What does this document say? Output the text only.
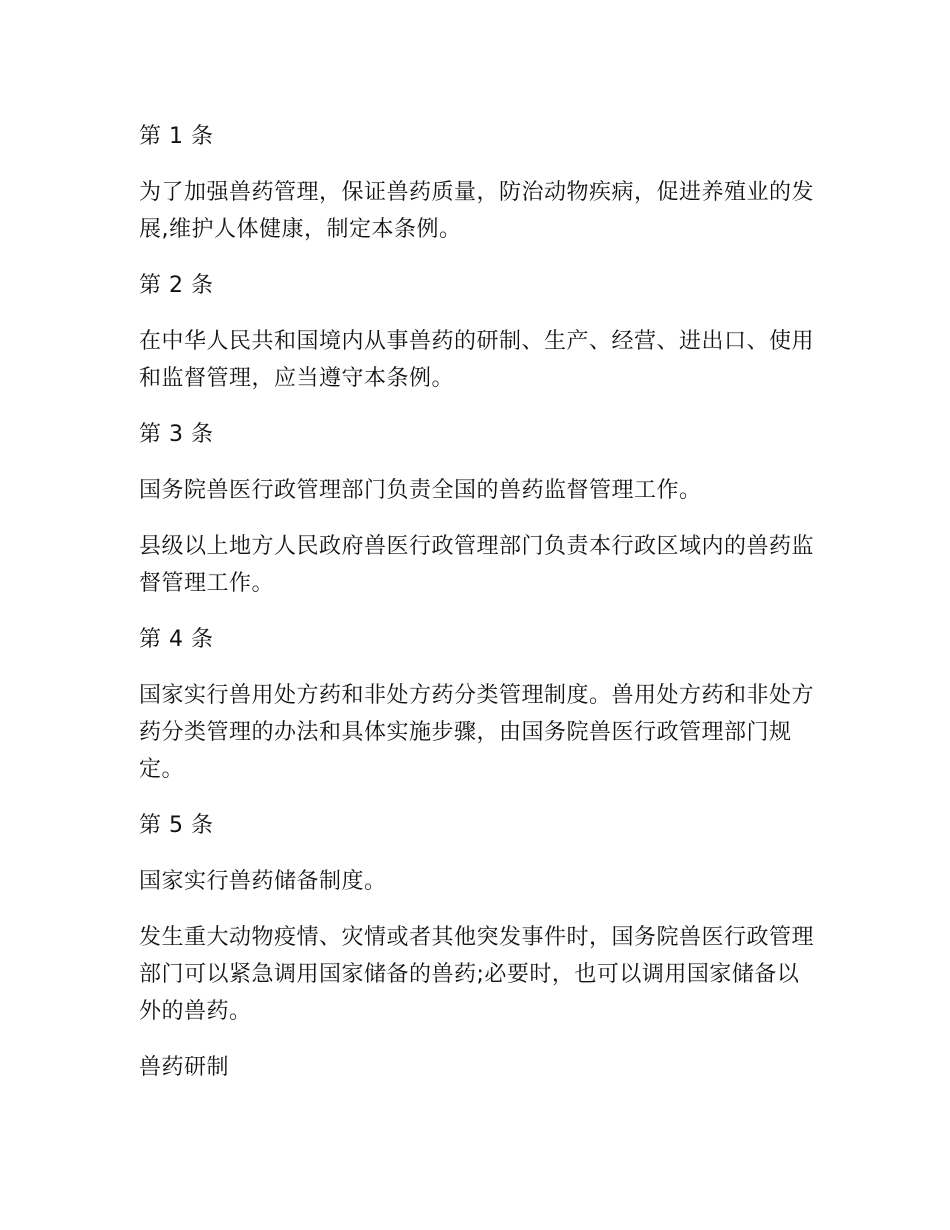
第 1 条

为了加强兽药管理，保证兽药质量，防治动物疾病，促进养殖业的发展,维护人体健康，制定本条例。

第 2 条

在中华人民共和国境内从事兽药的研制、生产、经营、进出口、使用和监督管理，应当遵守本条例。

第 3 条

国务院兽医行政管理部门负责全国的兽药监督管理工作。

县级以上地方人民政府兽医行政管理部门负责本行政区域内的兽药监督管理工作。

第 4 条

国家实行兽用处方药和非处方药分类管理制度。兽用处方药和非处方药分类管理的办法和具体实施步骤，由国务院兽医行政管理部门规定。

第 5 条

国家实行兽药储备制度。

发生重大动物疫情、灾情或者其他突发事件时，国务院兽医行政管理部门可以紧急调用国家储备的兽药;必要时，也可以调用国家储备以外的兽药。

兽药研制
